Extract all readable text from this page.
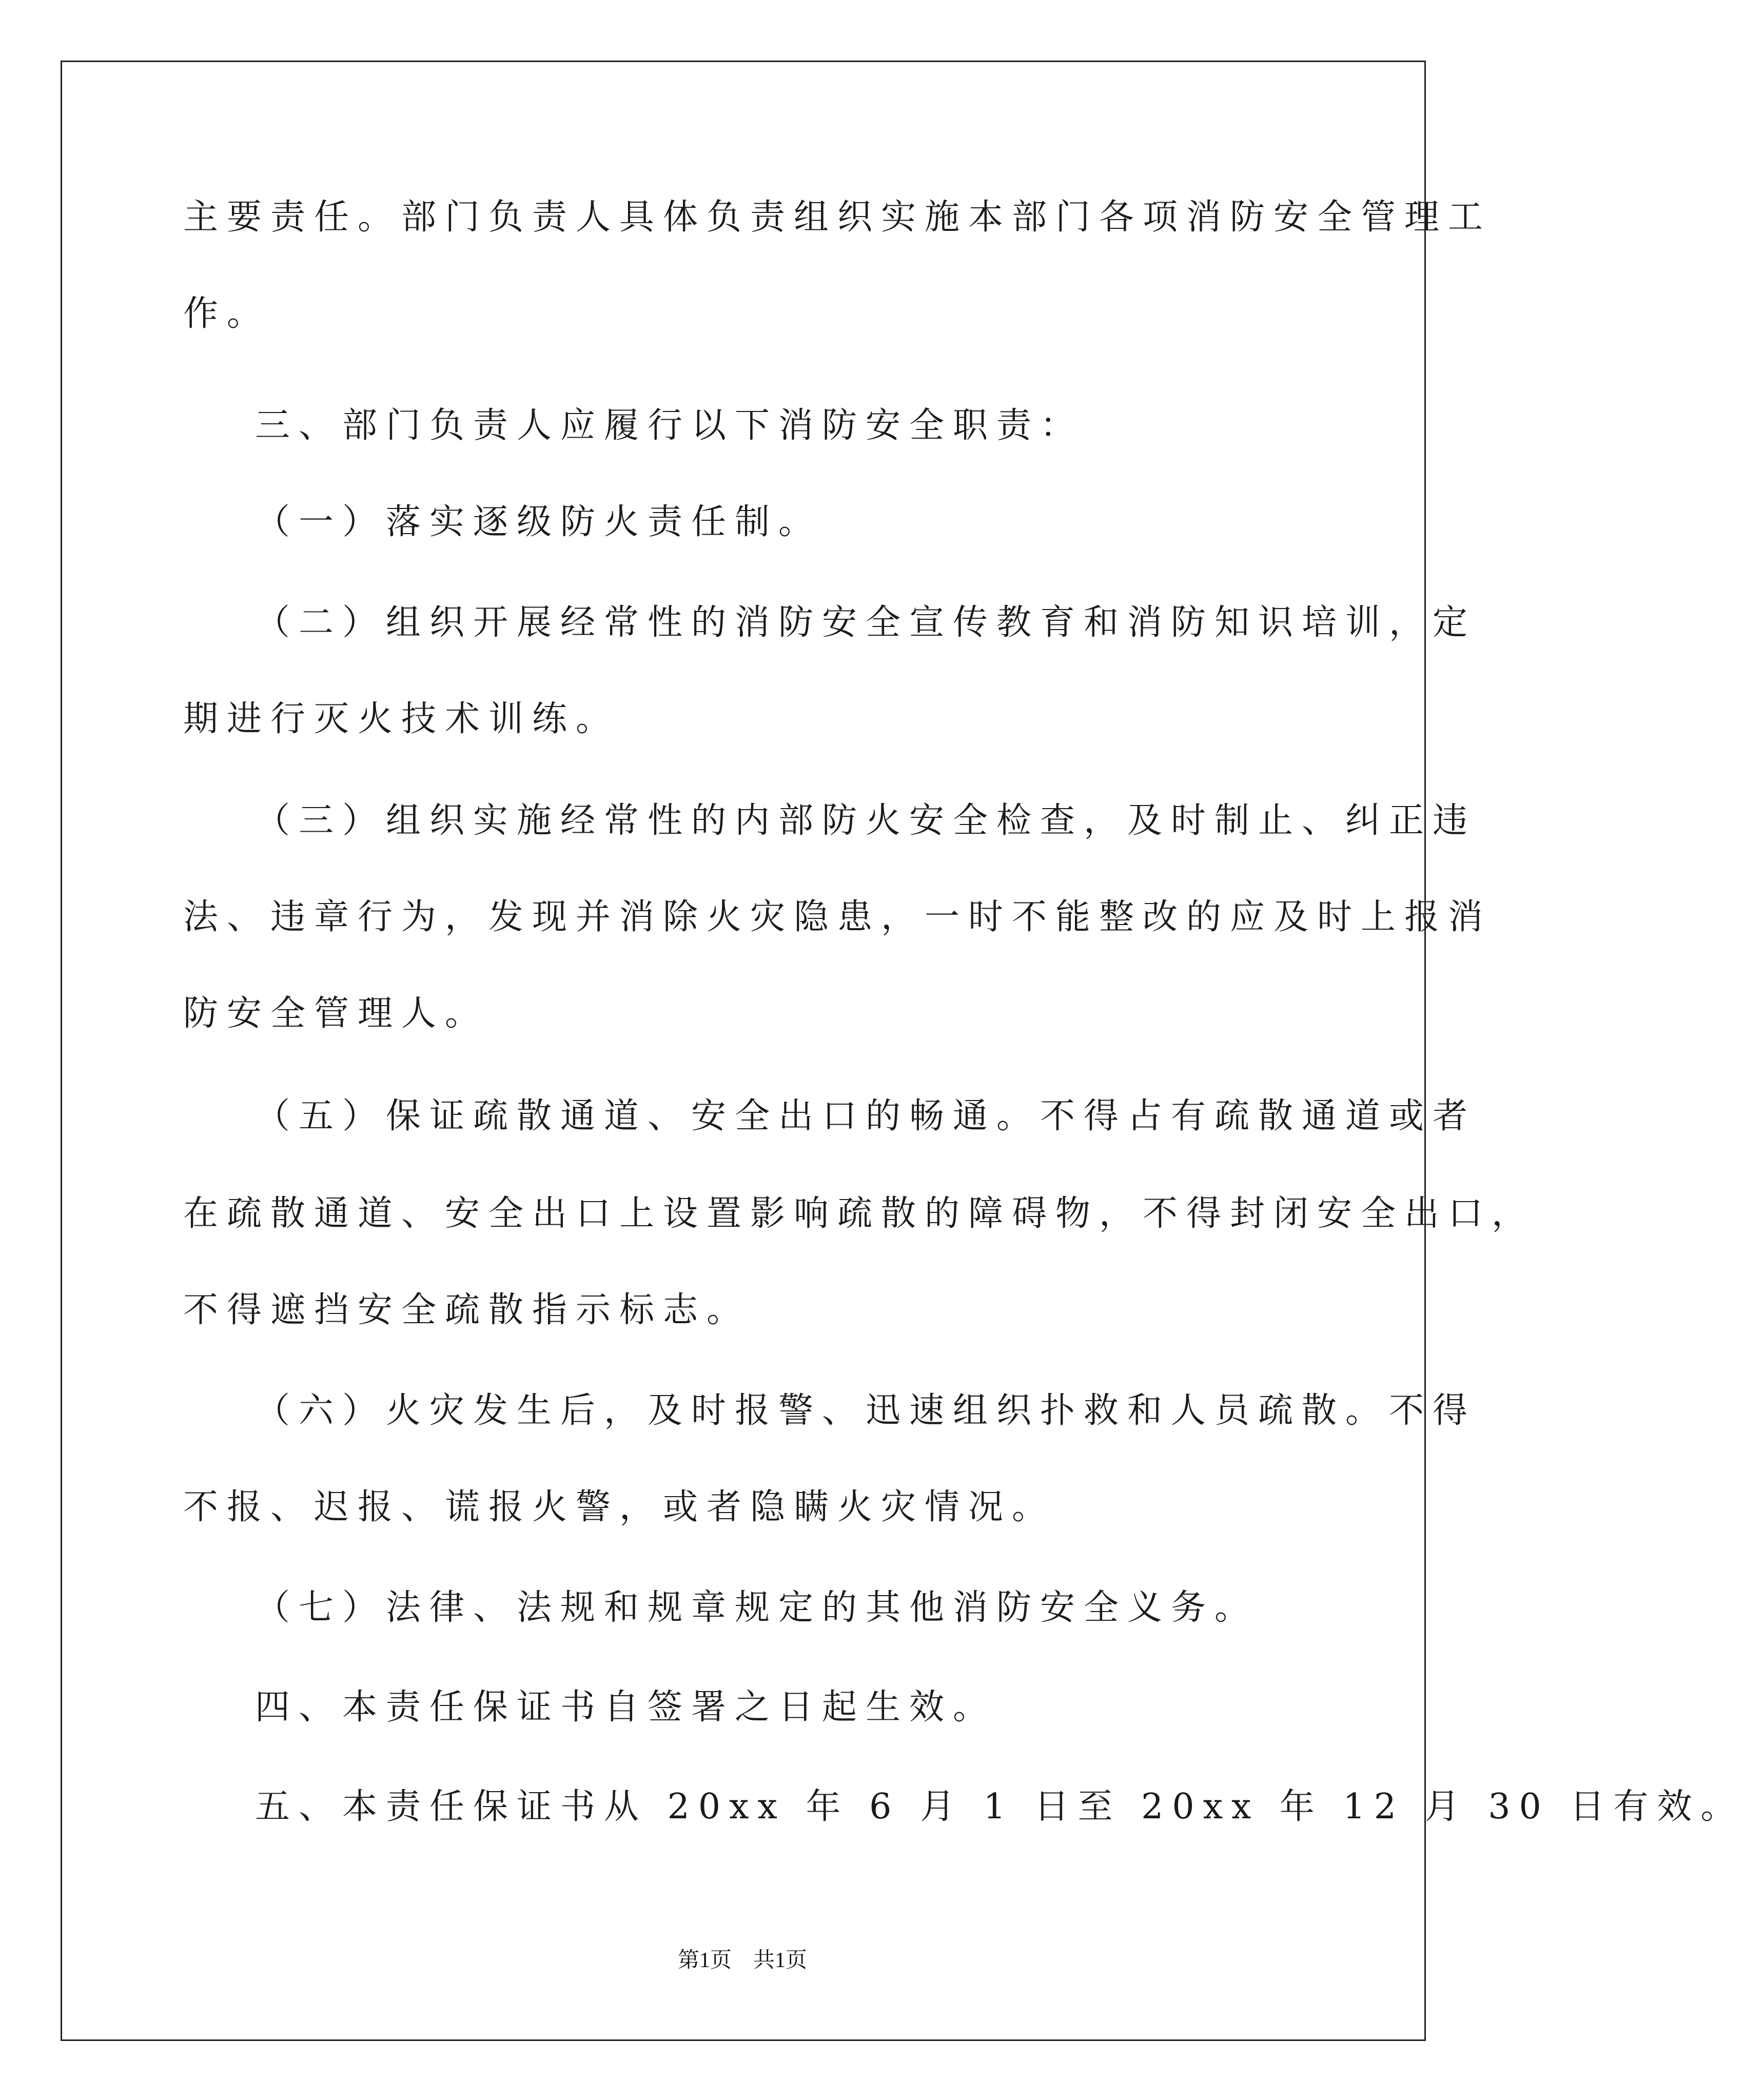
主要责任。部门负责人具体负责组织实施本部门各项消防安全管理工
作。
三、部门负责人应履行以下消防安全职责：
（一）落实逐级防火责任制。
（二）组织开展经常性的消防安全宣传教育和消防知识培训，定
期进行灭火技术训练。
（三）组织实施经常性的内部防火安全检查，及时制止、纠正违
法、违章行为，发现并消除火灾隐患，一时不能整改的应及时上报消
防安全管理人。
（五）保证疏散通道、安全出口的畅通。不得占有疏散通道或者
在疏散通道、安全出口上设置影响疏散的障碍物，不得封闭安全出口，
不得遮挡安全疏散指示标志。
（六）火灾发生后，及时报警、迅速组织扑救和人员疏散。不得
不报、迟报、谎报火警，或者隐瞒火灾情况。
（七）法律、法规和规章规定的其他消防安全义务。
四、本责任保证书自签署之日起生效。
五、本责任保证书从 20xx 年 6 月 1 日至 20xx 年 12 月 30 日有效。
第1页　共1页
